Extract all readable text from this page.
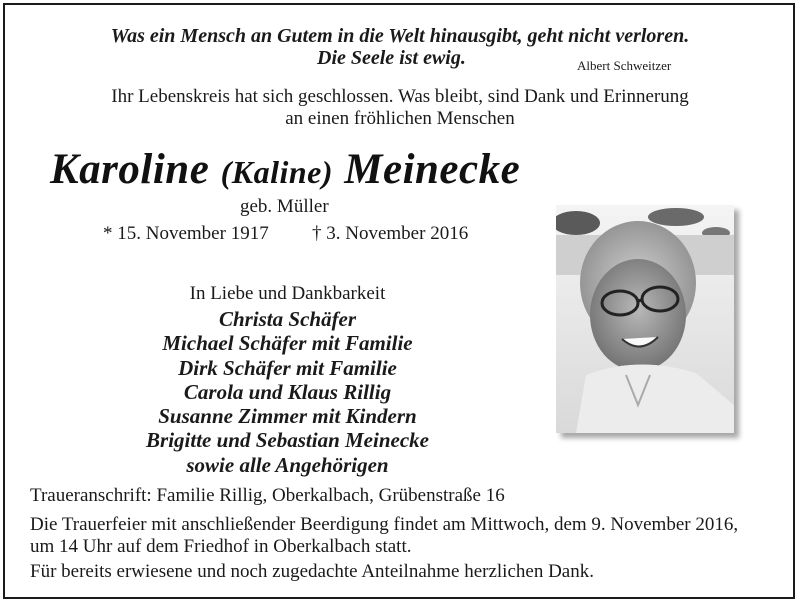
Was ein Mensch an Gutem in die Welt hinausgibt, geht nicht verloren.
Die Seele ist ewig.	Albert Schweitzer
Ihr Lebenskreis hat sich geschlossen. Was bleibt, sind Dank und Erinnerung
an einen fröhlichen Menschen
Karoline (Kaline) Meinecke
geb. Müller
* 15. November 1917 † 3. November 2016
In Liebe und Dankbarkeit
Christa Schäfer
Michael Schäfer mit Familie
Dirk Schäfer mit Familie
Carola und Klaus Rillig
Susanne Zimmer mit Kindern
Brigitte und Sebastian Meinecke
sowie alle Angehörigen
Traueranschrift: Familie Rillig, Oberkalbach, Grübenstraße 16
Die Trauerfeier mit anschließender Beerdigung findet am Mittwoch, dem 9. November 2016,
um 14 Uhr auf dem Friedhof in Oberkalbach statt.
Für bereits erwiesene und noch zugedachte Anteilnahme herzlichen Dank.
